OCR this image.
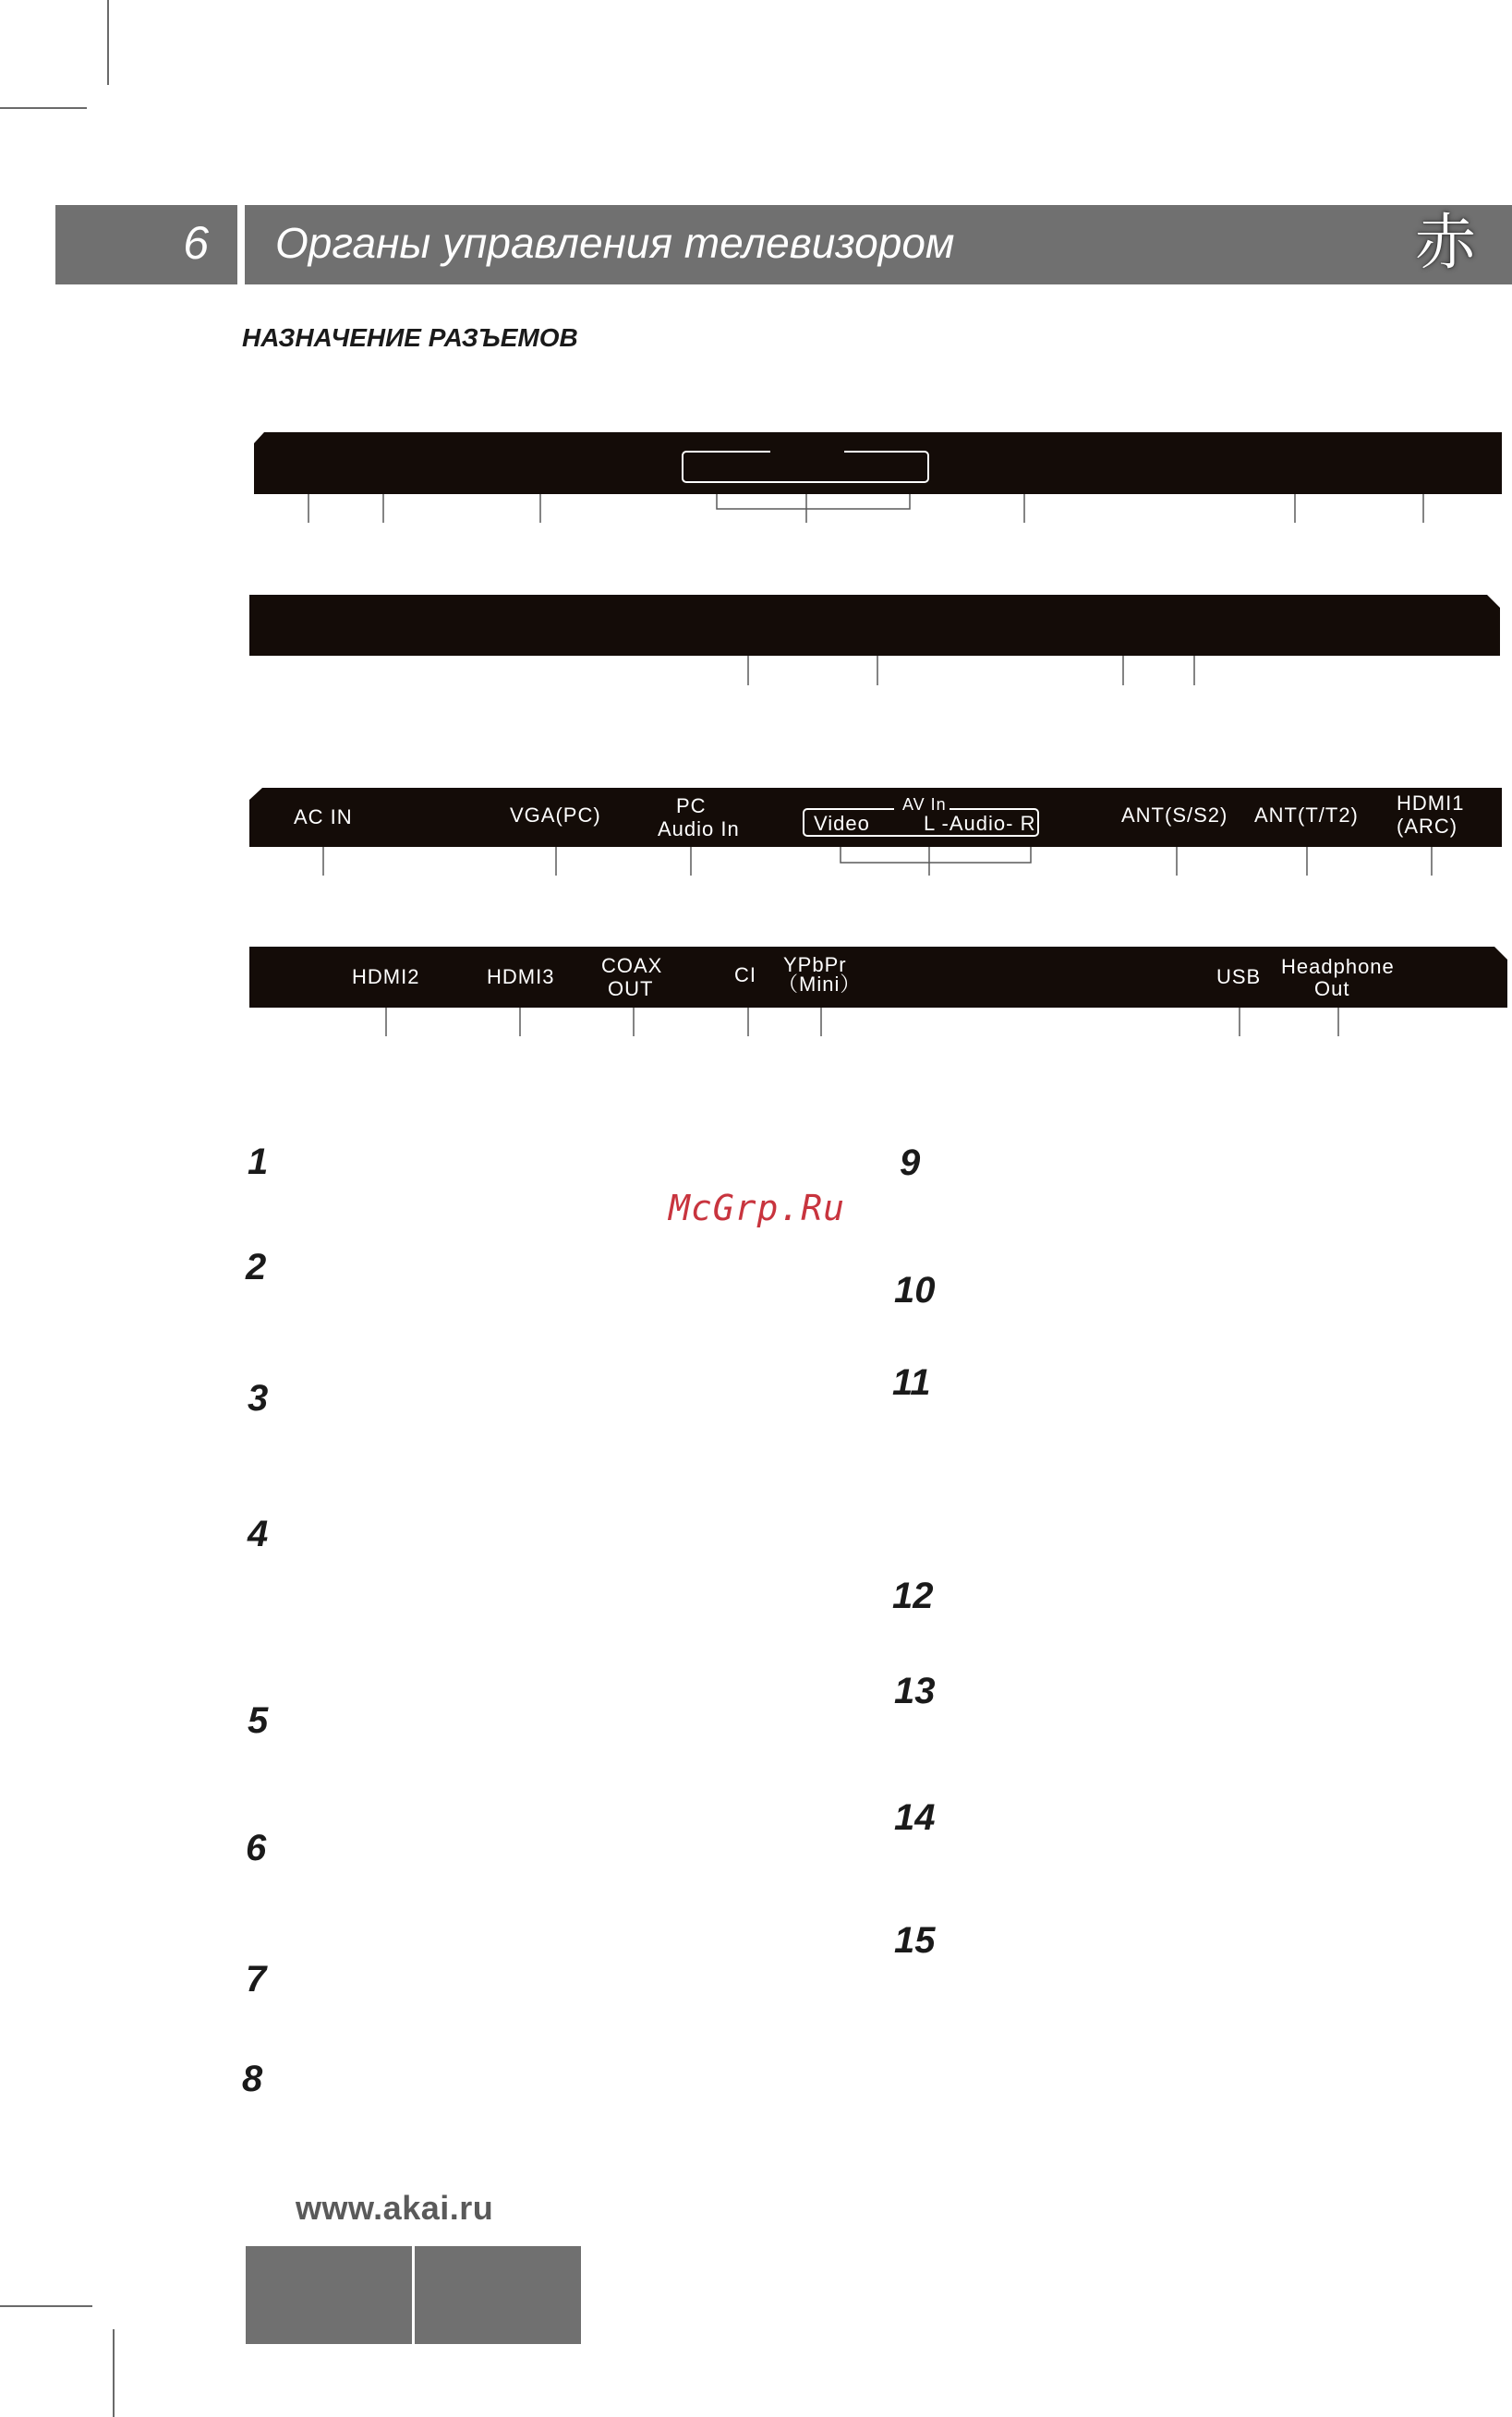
6	Органы управления телевизором	赤
НАЗНАЧЕНИЕ РАЗЪЕМОВ
AC IN	VGA(PC)	PC
Audio In
AV In
Video	L -Audio- R	ANT(S/S2) ANT(T/T2)
HDMI1
(ARC)
HDMI2	HDMI3 COAX
OUT
CI YPbPr
（Mini）	USB Headphone
Out
1
2
3
4
5
6
7
8
9
10
11
12
13
14
15
McGrp.Ru
www.akai.ru
